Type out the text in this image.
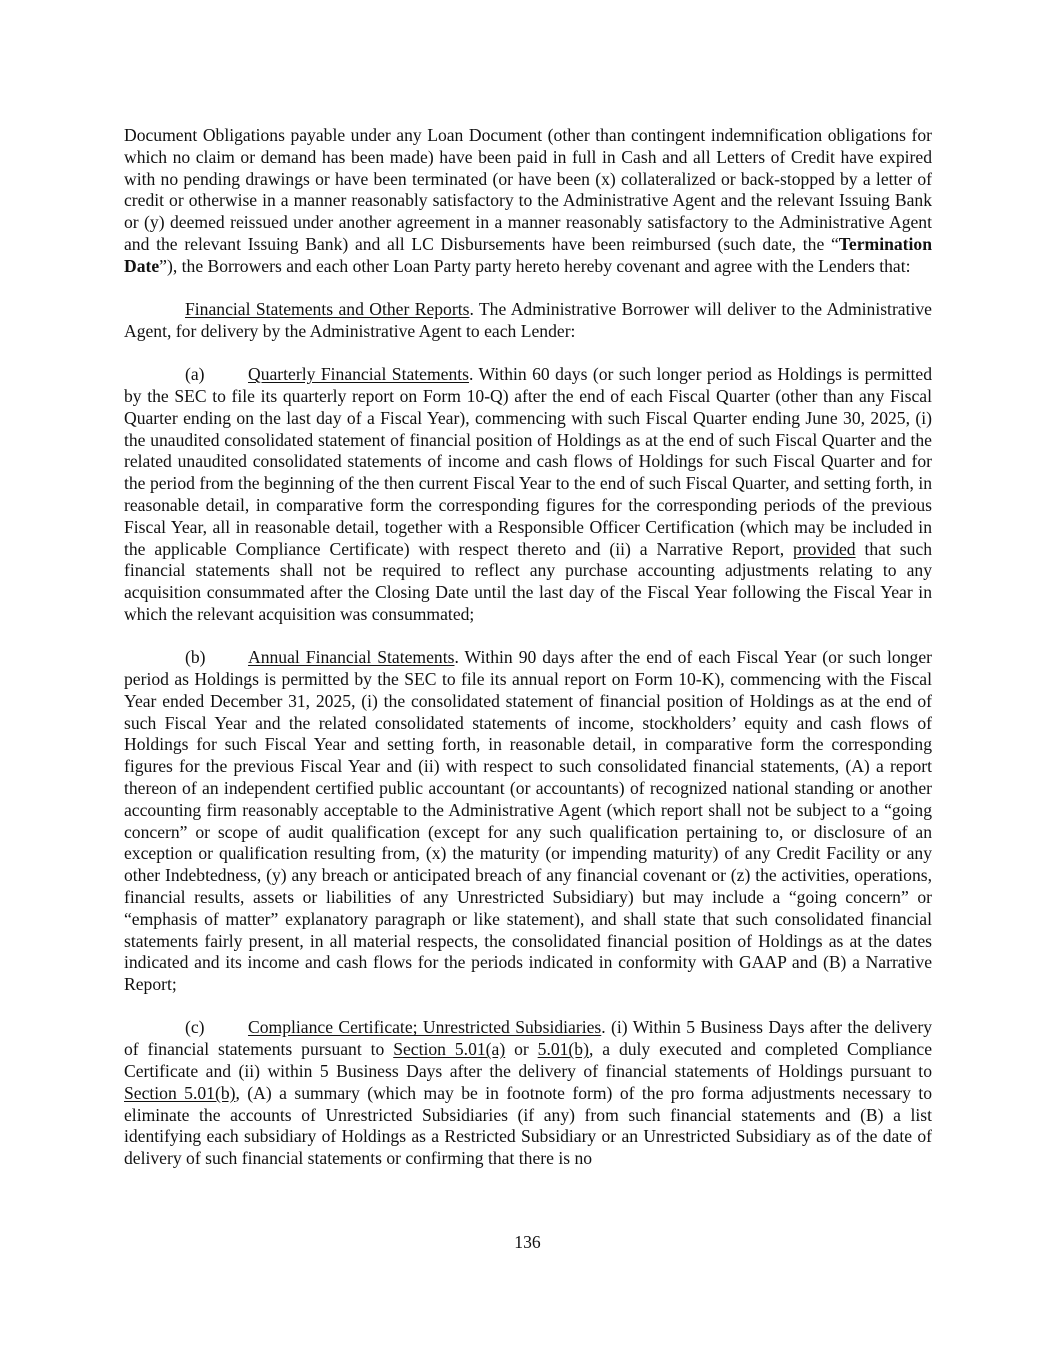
Document Obligations payable under any Loan Document (other than contingent indemnification obligations for which no claim or demand has been made) have been paid in full in Cash and all Letters of Credit have expired with no pending drawings or have been terminated (or have been (x) collateralized or back-stopped by a letter of credit or otherwise in a manner reasonably satisfactory to the Administrative Agent and the relevant Issuing Bank or (y) deemed reissued under another agreement in a manner reasonably satisfactory to the Administrative Agent and the relevant Issuing Bank) and all LC Disbursements have been reimbursed (such date, the “Termination Date”), the Borrowers and each other Loan Party party hereto hereby covenant and agree with the Lenders that:

Financial Statements and Other Reports. The Administrative Borrower will deliver to the Administrative Agent, for delivery by the Administrative Agent to each Lender:

(a) Quarterly Financial Statements. Within 60 days (or such longer period as Holdings is permitted by the SEC to file its quarterly report on Form 10-Q) after the end of each Fiscal Quarter (other than any Fiscal Quarter ending on the last day of a Fiscal Year), commencing with such Fiscal Quarter ending June 30, 2025, (i) the unaudited consolidated statement of financial position of Holdings as at the end of such Fiscal Quarter and the related unaudited consolidated statements of income and cash flows of Holdings for such Fiscal Quarter and for the period from the beginning of the then current Fiscal Year to the end of such Fiscal Quarter, and setting forth, in reasonable detail, in comparative form the corresponding figures for the corresponding periods of the previous Fiscal Year, all in reasonable detail, together with a Responsible Officer Certification (which may be included in the applicable Compliance Certificate) with respect thereto and (ii) a Narrative Report, provided that such financial statements shall not be required to reflect any purchase accounting adjustments relating to any acquisition consummated after the Closing Date until the last day of the Fiscal Year following the Fiscal Year in which the relevant acquisition was consummated;

(b) Annual Financial Statements. Within 90 days after the end of each Fiscal Year (or such longer period as Holdings is permitted by the SEC to file its annual report on Form 10-K), commencing with the Fiscal Year ended December 31, 2025, (i) the consolidated statement of financial position of Holdings as at the end of such Fiscal Year and the related consolidated statements of income, stockholders’ equity and cash flows of Holdings for such Fiscal Year and setting forth, in reasonable detail, in comparative form the corresponding figures for the previous Fiscal Year and (ii) with respect to such consolidated financial statements, (A) a report thereon of an independent certified public accountant (or accountants) of recognized national standing or another accounting firm reasonably acceptable to the Administrative Agent (which report shall not be subject to a “going concern” or scope of audit qualification (except for any such qualification pertaining to, or disclosure of an exception or qualification resulting from, (x) the maturity (or impending maturity) of any Credit Facility or any other Indebtedness, (y) any breach or anticipated breach of any financial covenant or (z) the activities, operations, financial results, assets or liabilities of any Unrestricted Subsidiary) but may include a “going concern” or “emphasis of matter” explanatory paragraph or like statement), and shall state that such consolidated financial statements fairly present, in all material respects, the consolidated financial position of Holdings as at the dates indicated and its income and cash flows for the periods indicated in conformity with GAAP and (B) a Narrative Report;

(c) Compliance Certificate; Unrestricted Subsidiaries. (i) Within 5 Business Days after the delivery of financial statements pursuant to Section 5.01(a) or 5.01(b), a duly executed and completed Compliance Certificate and (ii) within 5 Business Days after the delivery of financial statements of Holdings pursuant to Section 5.01(b), (A) a summary (which may be in footnote form) of the pro forma adjustments necessary to eliminate the accounts of Unrestricted Subsidiaries (if any) from such financial statements and (B) a list identifying each subsidiary of Holdings as a Restricted Subsidiary or an Unrestricted Subsidiary as of the date of delivery of such financial statements or confirming that there is no

136
